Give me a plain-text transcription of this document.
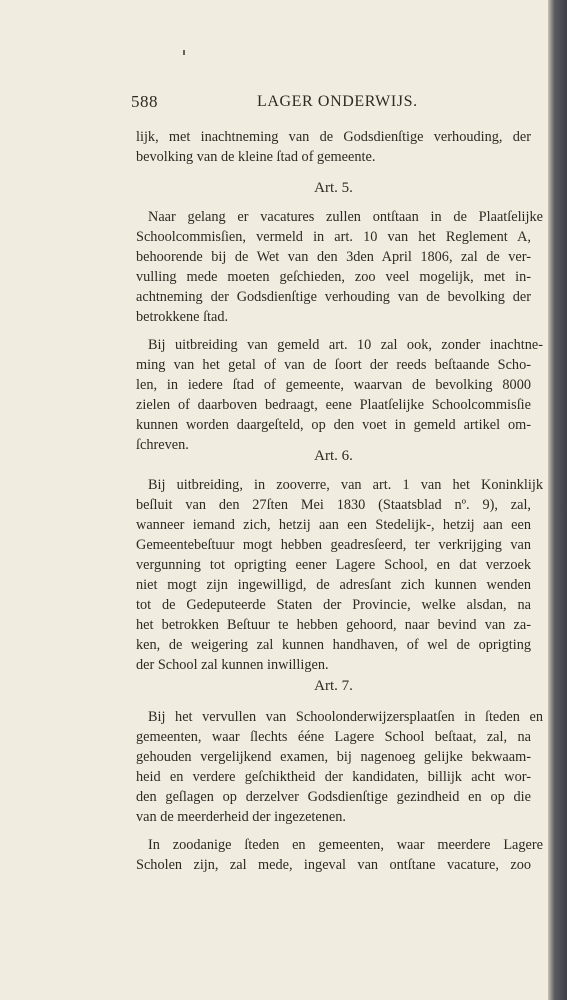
588	LAGER ONDERWIJS.
lijk, met inachtneming van de Godsdienſtige verhouding, der
bevolking van de kleine ſtad of gemeente.
Art. 5.
Naar gelang er vacatures zullen ontſtaan in de Plaatſelijke
Schoolcommisſien, vermeld in art. 10 van het Reglement A,
behoorende bij de Wet van den 3den April 1806, zal de ver-
vulling mede moeten geſchieden, zoo veel mogelijk, met in-
achtneming der Godsdienſtige verhouding van de bevolking der
betrokkene ſtad.
Bij uitbreiding van gemeld art. 10 zal ook, zonder inachtne-
ming van het getal of van de ſoort der reeds beſtaande Scho-
len, in iedere ſtad of gemeente, waarvan de bevolking 8000
zielen of daarboven bedraagt, eene Plaatſelijke Schoolcommisſie
kunnen worden daargeſteld, op den voet in gemeld artikel om-
ſchreven.
Art. 6.
Bij uitbreiding, in zooverre, van art. 1 van het Koninklijk
beſluit van den 27ſten Mei 1830 (Staatsblad nº. 9), zal,
wanneer iemand zich, hetzij aan een Stedelijk-, hetzij aan een
Gemeentebeſtuur mogt hebben geadresſeerd, ter verkrijging van
vergunning tot oprigting eener Lagere School, en dat verzoek
niet mogt zijn ingewilligd, de adresſant zich kunnen wenden
tot de Gedeputeerde Staten der Provincie, welke alsdan, na
het betrokken Beſtuur te hebben gehoord, naar bevind van za-
ken, de weigering zal kunnen handhaven, of wel de oprigting
der School zal kunnen inwilligen.
Art. 7.
Bij het vervullen van Schoolonderwijzersplaatſen in ſteden en
gemeenten, waar ſlechts ééne Lagere School beſtaat, zal, na
gehouden vergelijkend examen, bij nagenoeg gelijke bekwaam-
heid en verdere geſchiktheid der kandidaten, billijk acht wor-
den geſlagen op derzelver Godsdienſtige gezindheid en op die
van de meerderheid der ingezetenen.
In zoodanige ſteden en gemeenten, waar meerdere Lagere
Scholen zijn, zal mede, ingeval van ontſtane vacature, zoo
